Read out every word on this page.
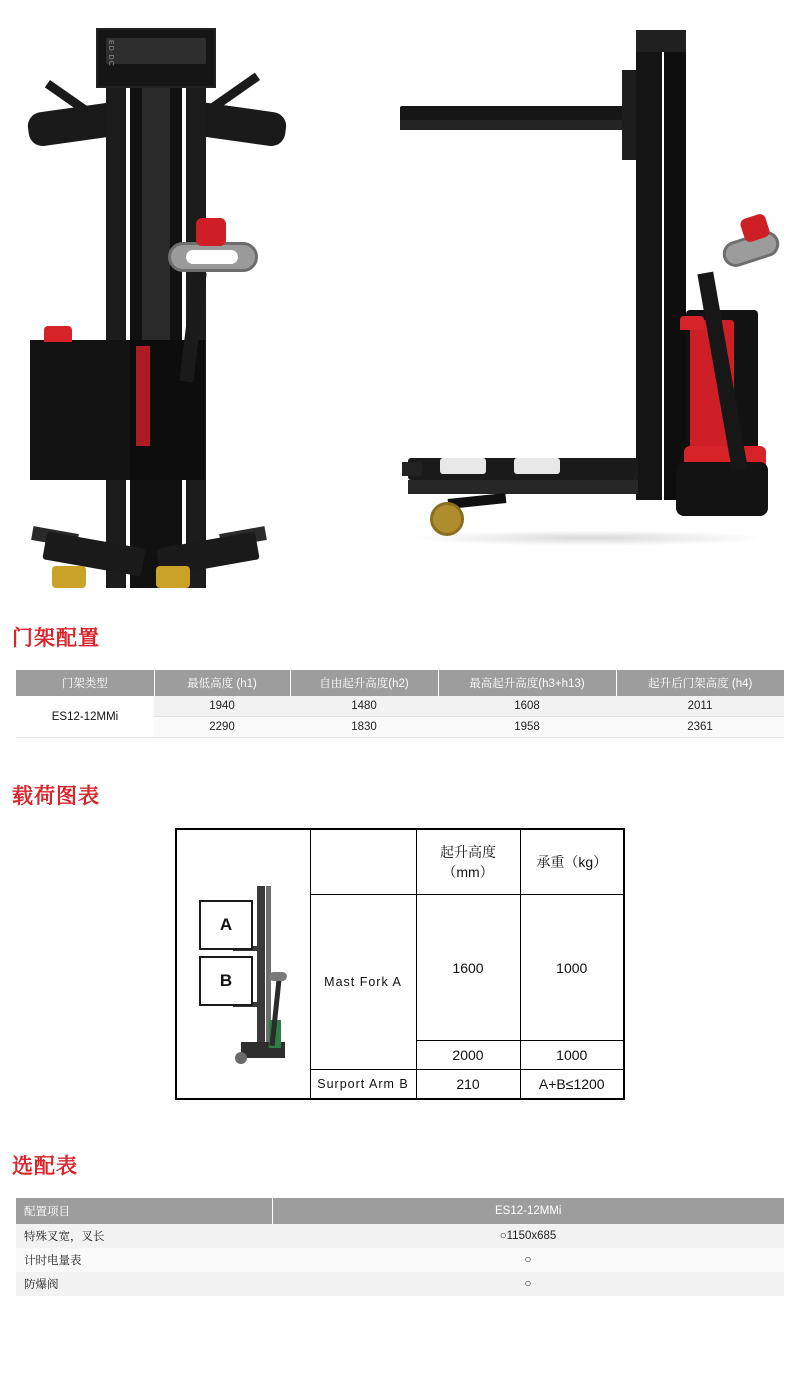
ED DC
门架配置
门架类型	最低高度 (h1)	自由起升高度(h2)	最高起升高度(h3+h13)	起升后门架高度 (h4)
ES12-12MMi	1940	1480	1608	2011
	2290	1830	1958	2361
载荷图表
A
B		起升高度（mm）	承重（kg）
	Mast Fork A	1600	1000
		2000	1000
	Surport Arm B	210	A+B≤1200
选配表
配置项目	ES12-12MMi
特殊叉宽，叉长	○1150x685
计时电量表	○
防爆阀	○
